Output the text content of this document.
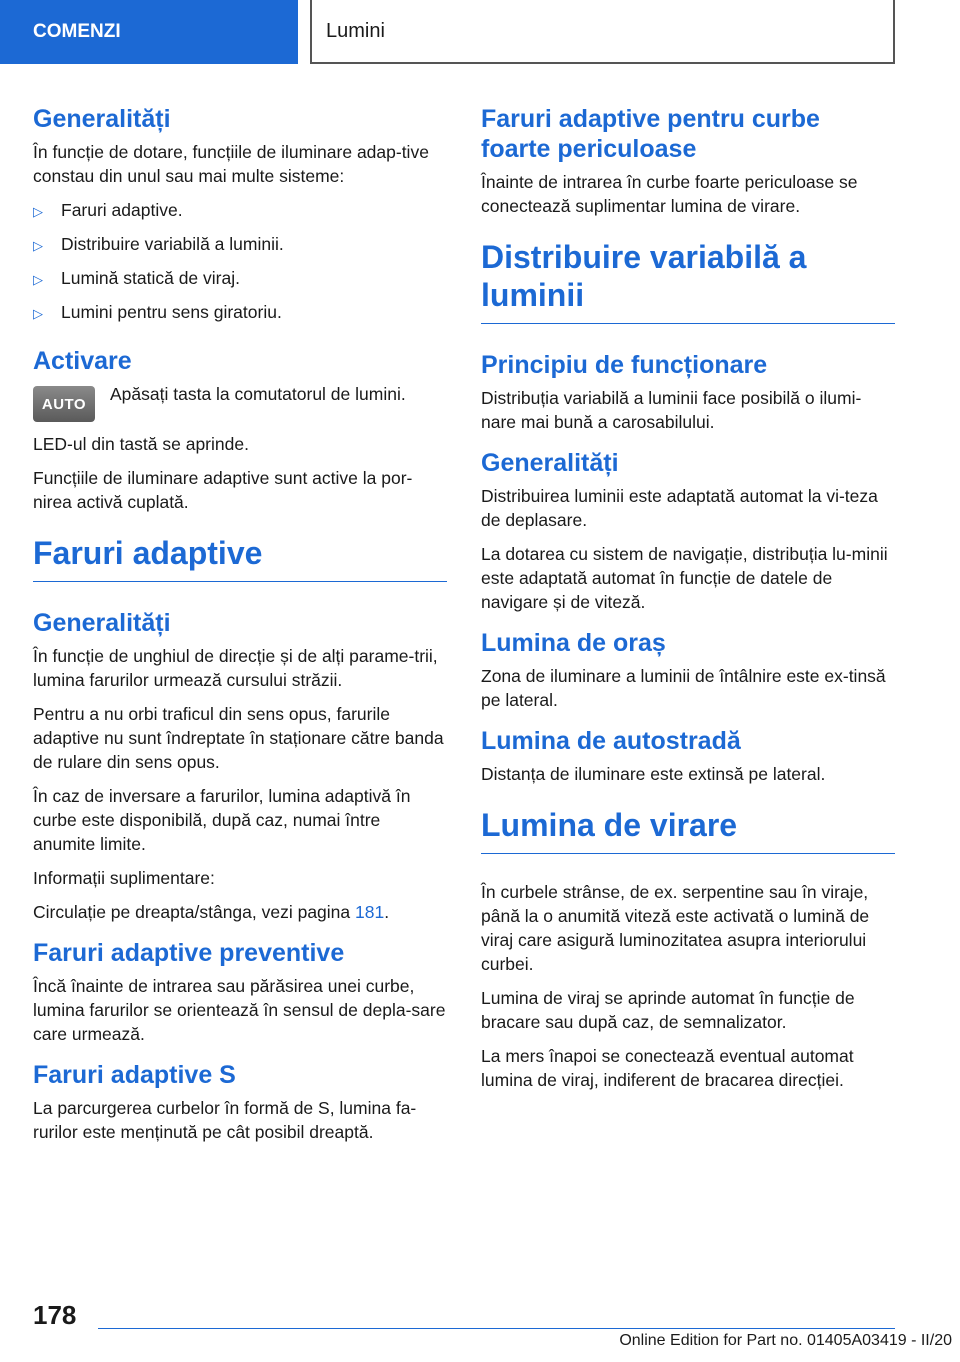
COMENZI	Lumini
Generalități

În funcție de dotare, funcțiile de iluminare adap-tive constau din unul sau mai multe sisteme:

▷	Faruri adaptive.
▷	Distribuire variabilă a luminii.
▷	Lumină statică de viraj.
▷	Lumini pentru sens giratoriu.
Activare
AUTO	Apăsați tasta la comutatorul de lumini.

LED-ul din tastă se aprinde.

Funcțiile de iluminare adaptive sunt active la por-nirea activă cuplată.

Faruri adaptive
Generalități

În funcție de unghiul de direcție și de alți parame-trii, lumina farurilor urmează cursului străzii.

Pentru a nu orbi traficul din sens opus, farurile adaptive nu sunt îndreptate în staționare către banda de rulare din sens opus.

În caz de inversare a farurilor, lumina adaptivă în curbe este disponibilă, după caz, numai între anumite limite.

Informații suplimentare:

Circulație pe dreapta/stânga, vezi pagina 181.

Faruri adaptive preventive

Încă înainte de intrarea sau părăsirea unei curbe, lumina farurilor se orientează în sensul de depla-sare care urmează.

Faruri adaptive S

La parcurgerea curbelor în formă de S, lumina fa-rurilor este menținută pe cât posibil dreaptă.

Faruri adaptive pentru curbe foarte periculoase

Înainte de intrarea în curbe foarte periculoase se conectează suplimentar lumina de virare.

Distribuire variabilă a luminii
Principiu de funcționare

Distribuția variabilă a luminii face posibilă o ilumi-nare mai bună a carosabilului.

Generalități

Distribuirea luminii este adaptată automat la vi-teza de deplasare.

La dotarea cu sistem de navigație, distribuția lu-minii este adaptată automat în funcție de datele de navigare și de viteză.

Lumina de oraș

Zona de iluminare a luminii de întâlnire este ex-tinsă pe lateral.

Lumina de autostradă

Distanța de iluminare este extinsă pe lateral.

Lumina de virare

În curbele strânse, de ex. serpentine sau în viraje, până la o anumită viteză este activată o lumină de viraj care asigură luminozitatea asupra interiorului curbei.

Lumina de viraj se aprinde automat în funcție de bracare sau după caz, de semnalizator.

La mers înapoi se conectează eventual automat lumina de viraj, indiferent de bracarea direcției.

178
Online Edition for Part no. 01405A03419 - II/20
